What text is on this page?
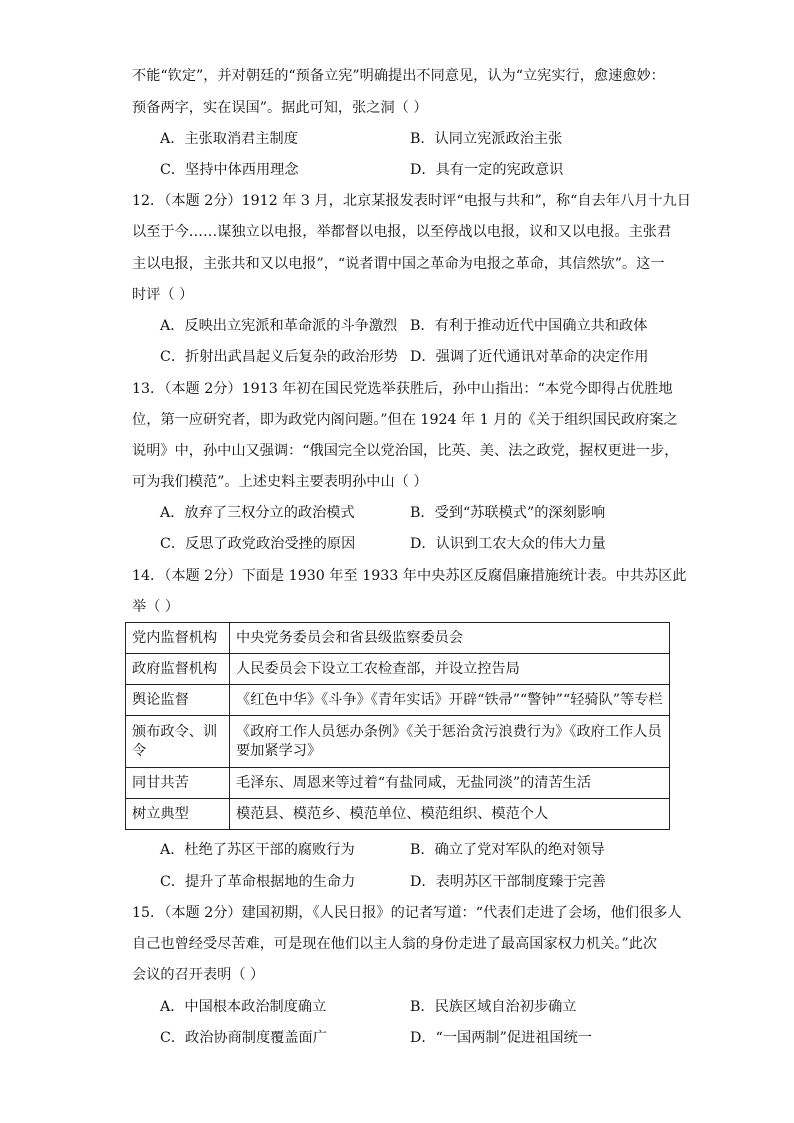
不能“钦定”，并对朝廷的“预备立宪”明确提出不同意见，认为“立宪实行，愈速愈妙：
预备两字，实在误国”。据此可知，张之洞（ ）
A．主张取消君主制度	B．认同立宪派政治主张
C．坚持中体西用理念	D．具有一定的宪政意识
12．（本题 2分）1912 年 3 月，北京某报发表时评“电报与共和”，称“自去年八月十九日
以至于今……谋独立以电报，举都督以电报，以至停战以电报，议和又以电报。主张君
主以电报，主张共和又以电报”，“说者谓中国之革命为电报之革命，其信然欤”。这一
时评（ ）
A．反映出立宪派和革命派的斗争激烈 B．有利于推动近代中国确立共和政体
C．折射出武昌起义后复杂的政治形势 D．强调了近代通讯对革命的决定作用
13．（本题 2分）1913 年初在国民党选举获胜后，孙中山指出：“本党今即得占优胜地
位，第一应研究者，即为政党内阁问题。”但在 1924 年 1 月的《关于组织国民政府案之
说明》中，孙中山又强调：“俄国完全以党治国，比英、美、法之政党，握权更进一步，
可为我们模范”。上述史料主要表明孙中山（ ）
A．放弃了三权分立的政治模式	B．受到“苏联模式”的深刻影响
C．反思了政党政治受挫的原因	D．认识到工农大众的伟大力量
14．（本题 2分）下面是 1930 年至 1933 年中央苏区反腐倡廉措施统计表。中共苏区此
举（ ）
党内监督机构	中央党务委员会和省县级监察委员会
政府监督机构	人民委员会下设立工农检查部，并设立控告局
舆论监督	《红色中华》《斗争》《青年实话》开辟“铁帚”“警钟”“轻骑队”等专栏
颁布政令、训令	《政府工作人员惩办条例》《关于惩治贪污浪费行为》《政府工作人员要加紧学习》
同甘共苦	毛泽东、周恩来等过着“有盐同咸，无盐同淡”的清苦生活
树立典型	模范县、模范乡、模范单位、模范组织、模范个人
A．杜绝了苏区干部的腐败行为	B．确立了党对军队的绝对领导
C．提升了革命根据地的生命力	D．表明苏区干部制度臻于完善
15．（本题 2分）建国初期，《人民日报》的记者写道：“代表们走进了会场，他们很多人
自己也曾经受尽苦难，可是现在他们以主人翁的身份走进了最高国家权力机关。”此次
会议的召开表明（ ）
A．中国根本政治制度确立	B．民族区域自治初步确立
C．政治协商制度覆盖面广	D．“一国两制”促进祖国统一
